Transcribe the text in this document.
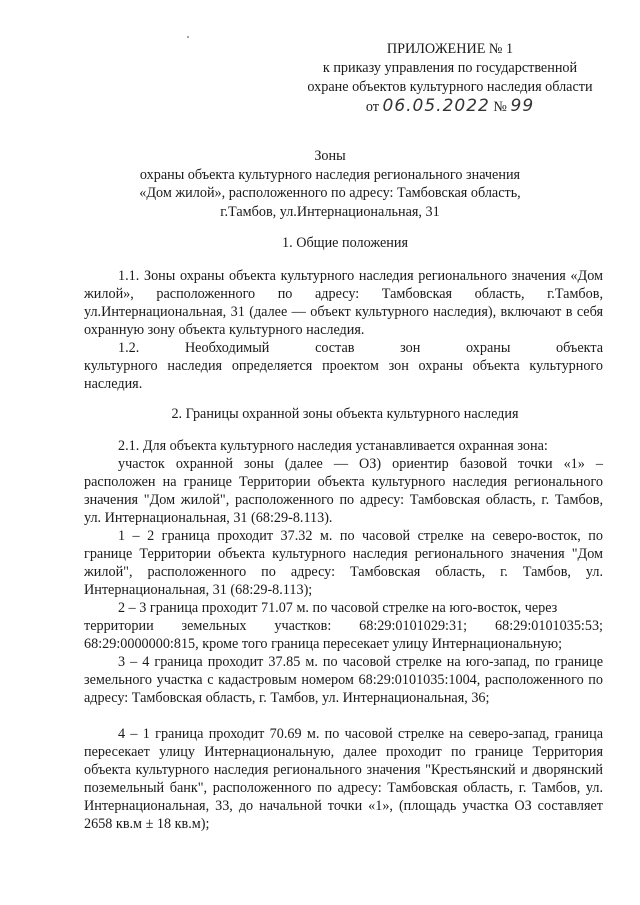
ПРИЛОЖЕНИЕ № 1
к приказу управления по государственной
охране объектов культурного наследия области
от 06.05.2022 № 99
Зоны
охраны объекта культурного наследия регионального значения
«Дом жилой», расположенного по адресу: Тамбовская область,
г.Тамбов, ул.Интернациональная, 31
1. Общие положения
1.1. Зоны охраны объекта культурного наследия регионального значения «Дом жилой», расположенного по адресу: Тамбовская область, г.Тамбов, ул.Интернациональная, 31 (далее — объект культурного наследия), включают в себя охранную зону объекта культурного наследия.
1.2.	Необходимый	состав	зон	охраны	объекта
культурного наследия определяется проектом зон охраны объекта культурного наследия.
2. Границы охранной зоны объекта культурного наследия
2.1. Для объекта культурного наследия устанавливается охранная зона:
участок охранной зоны (далее — ОЗ) ориентир базовой точки «1» – расположен на границе Территории объекта культурного наследия регионального значения "Дом жилой", расположенного по адресу: Тамбовская область, г. Тамбов, ул. Интернациональная, 31 (68:29-8.113).
1 – 2 граница проходит 37.32 м. по часовой стрелке на северо-восток, по границе Территории объекта культурного наследия регионального значения "Дом жилой", расположенного по адресу: Тамбовская область, г. Тамбов, ул. Интернациональная, 31 (68:29-8.113);
2 – 3 граница проходит 71.07 м. по часовой стрелке на юго-восток, через
территории земельных участков: 68:29:0101029:31; 68:29:0101035:53;
68:29:0000000:815, кроме того граница пересекает улицу Интернациональную;
3 – 4 граница проходит 37.85 м. по часовой стрелке на юго-запад, по границе земельного участка с кадастровым номером 68:29:0101035:1004, расположенного по адресу: Тамбовская область, г. Тамбов, ул. Интернациональная, 36;
4 – 1 граница проходит 70.69 м. по часовой стрелке на северо-запад, граница пересекает улицу Интернациональную, далее проходит по границе Территория объекта культурного наследия регионального значения "Крестьянский и дворянский поземельный банк", расположенного по адресу: Тамбовская область, г. Тамбов, ул. Интернациональная, 33, до начальной точки «1», (площадь участка ОЗ составляет 2658 кв.м ± 18 кв.м);
